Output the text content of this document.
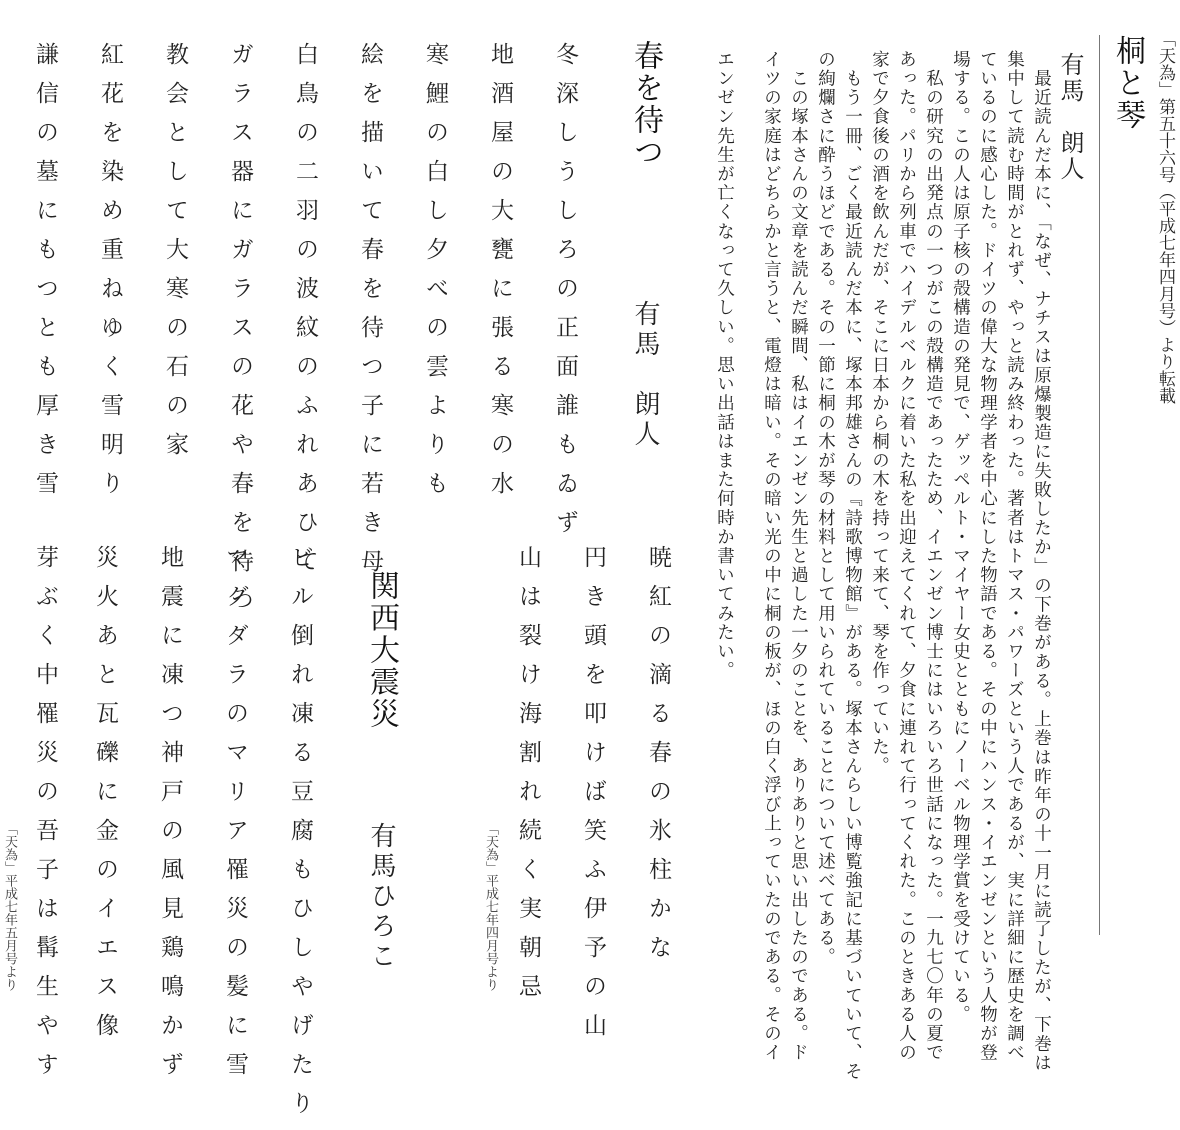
「天為」第五十六号（平成七年四月号）より転載
桐と琴
有馬　朗人
　最近読んだ本に、「なぜ、ナチスは原爆製造に失敗したか」の下巻がある。上巻は昨年の十一月に読了したが、下巻は
集中して読む時間がとれず、やっと読み終わった。著者はトマス・パワーズという人であるが、実に詳細に歴史を調べ
ているのに感心した。ドイツの偉大な物理学者を中心にした物語である。その中にハンス・イエンゼンという人物が登
場する。この人は原子核の殻構造の発見で、ゲッペルト・マイヤー女史とともにノーベル物理学賞を受けている。
　私の研究の出発点の一つがこの殻構造であったため、イエンゼン博士にはいろいろ世話になった。一九七〇年の夏で
あった。パリから列車でハイデルベルクに着いた私を出迎えてくれて、夕食に連れて行ってくれた。このときある人の
家で夕食後の酒を飲んだが、そこに日本から桐の木を持って来て、琴を作っていた。
　もう一冊、ごく最近読んだ本に、塚本邦雄さんの『詩歌博物館』がある。塚本さんらしい博覧強記に基づいていて、そ
の絢爛さに酔うほどである。その一節に桐の木が琴の材料として用いられていることについて述べてある。
　この塚本さんの文章を読んだ瞬間、私はイエンゼン先生と過した一夕のことを、ありありと思い出したのである。ド
イツの家庭はどちらかと言うと、電燈は暗い。その暗い光の中に桐の板が、ほの白く浮び上っていたのである。そのイ
エンゼン先生が亡くなって久しい。思い出話はまた何時か書いてみたい。
春を待つ
有馬　朗人
冬深しうしろの正面誰もゐず
地酒屋の大甕に張る寒の水
寒鯉の白し夕べの雲よりも
絵を描いて春を待つ子に若き母
白鳥の二羽の波紋のふれあひて
ガラス器にガラスの花や春を待つ
教会として大寒の石の家
紅花を染め重ねゆく雪明り
謙信の墓にもつとも厚き雪
暁紅の滴る春の氷柱かな
円き頭を叩けば笑ふ伊予の山
山は裂け海割れ続く実朝忌
「天為」平成七年四月号より
関西大震災
有馬ひろこ
ビル倒れ凍る豆腐もひしやげたり
マグダラのマリア罹災の髪に雪
地震に凍つ神戸の風見鶏鳴かず
災火あと瓦礫に金のイエス像
芽ぶく中罹災の吾子は髯生やす
「天為」平成七年五月号より
